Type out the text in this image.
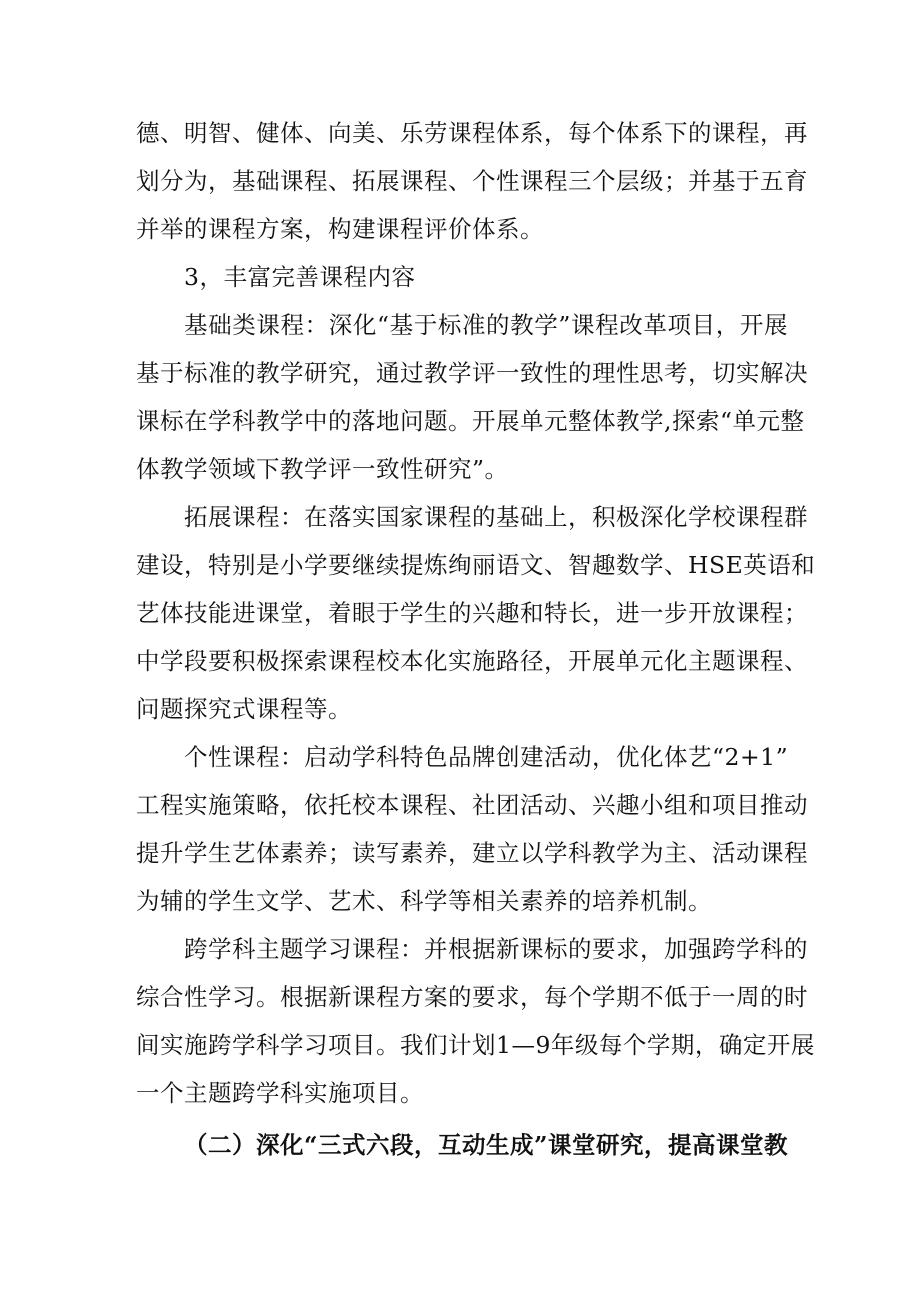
德、明智、健体、向美、乐劳课程体系，每个体系下的课程，再
划分为，基础课程、拓展课程、个性课程三个层级；并基于五育
并举的课程方案，构建课程评价体系。
3，丰富完善课程内容
基础类课程：深化“基于标准的教学”课程改革项目，开展
基于标准的教学研究，通过教学评一致性的理性思考，切实解决
课标在学科教学中的落地问题。开展单元整体教学,探索“单元整
体教学领域下教学评一致性研究”。
拓展课程：在落实国家课程的基础上，积极深化学校课程群
建设，特别是小学要继续提炼绚丽语文、智趣数学、HSE英语和
艺体技能进课堂，着眼于学生的兴趣和特长，进一步开放课程；
中学段要积极探索课程校本化实施路径，开展单元化主题课程、
问题探究式课程等。
个性课程：启动学科特色品牌创建活动，优化体艺“2+1”
工程实施策略，依托校本课程、社团活动、兴趣小组和项目推动
提升学生艺体素养；读写素养，建立以学科教学为主、活动课程
为辅的学生文学、艺术、科学等相关素养的培养机制。
跨学科主题学习课程：并根据新课标的要求，加强跨学科的
综合性学习。根据新课程方案的要求，每个学期不低于一周的时
间实施跨学科学习项目。我们计划1—9年级每个学期，确定开展
一个主题跨学科实施项目。
（二）深化“三式六段，互动生成”课堂研究，提高课堂教
